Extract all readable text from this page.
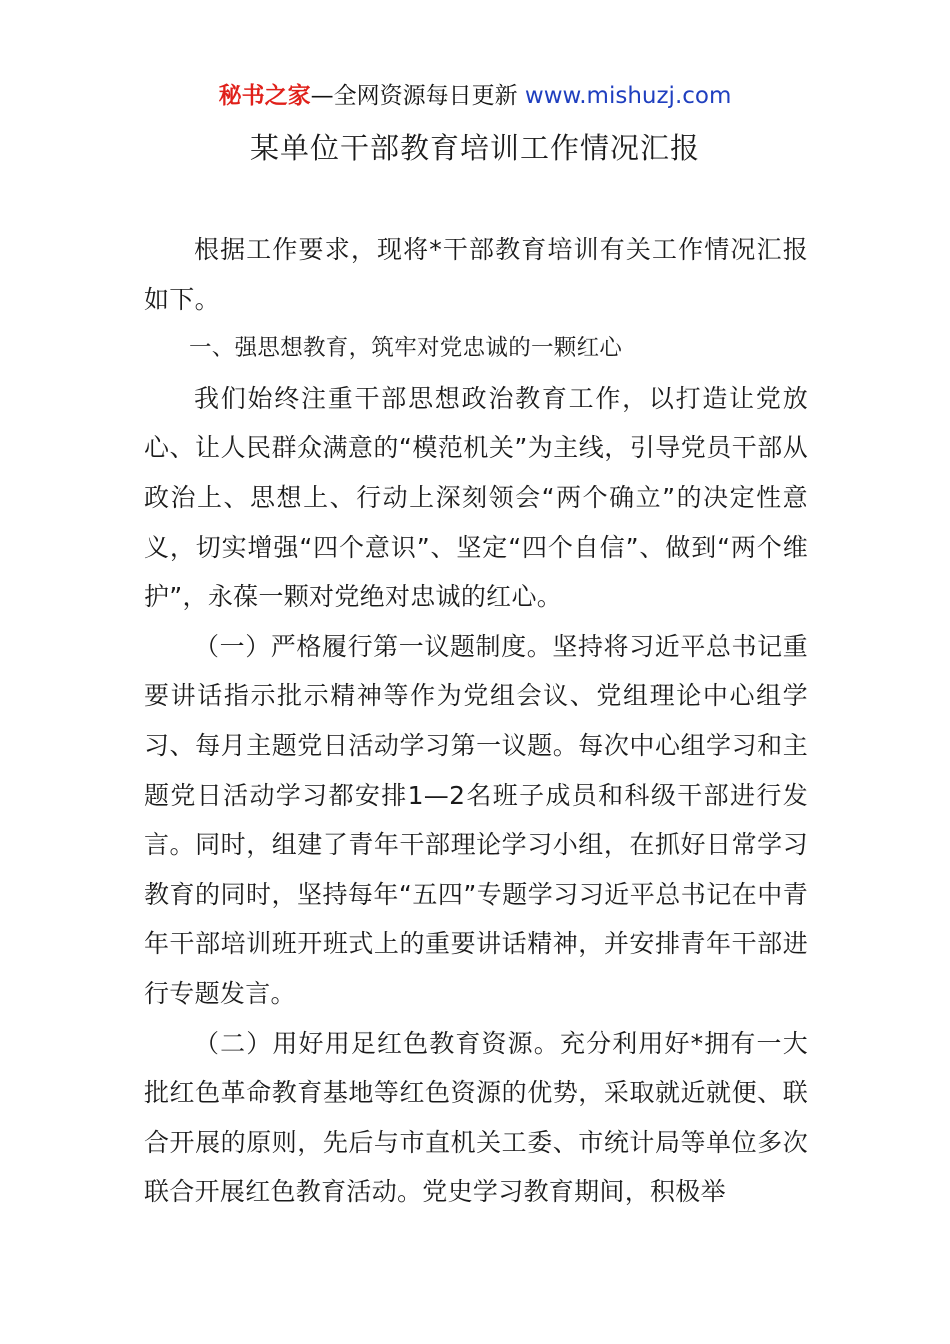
秘书之家—全网资源每日更新 www.mishuzj.com
某单位干部教育培训工作情况汇报

根据工作要求，现将*干部教育培训有关工作情况汇报如下。

一、强思想教育，筑牢对党忠诚的一颗红心

我们始终注重干部思想政治教育工作，以打造让党放心、让人民群众满意的“模范机关”为主线，引导党员干部从政治上、思想上、行动上深刻领会“两个确立”的决定性意义，切实增强“四个意识”、坚定“四个自信”、做到“两个维护”，永葆一颗对党绝对忠诚的红心。

（一）严格履行第一议题制度。坚持将习近平总书记重要讲话指示批示精神等作为党组会议、党组理论中心组学习、每月主题党日活动学习第一议题。每次中心组学习和主题党日活动学习都安排1—2名班子成员和科级干部进行发言。同时，组建了青年干部理论学习小组，在抓好日常学习教育的同时，坚持每年“五四”专题学习习近平总书记在中青年干部培训班开班式上的重要讲话精神，并安排青年干部进行专题发言。

（二）用好用足红色教育资源。充分利用好*拥有一大批红色革命教育基地等红色资源的优势，采取就近就便、联合开展的原则，先后与市直机关工委、市统计局等单位多次联合开展红色教育活动。党史学习教育期间，积极举
